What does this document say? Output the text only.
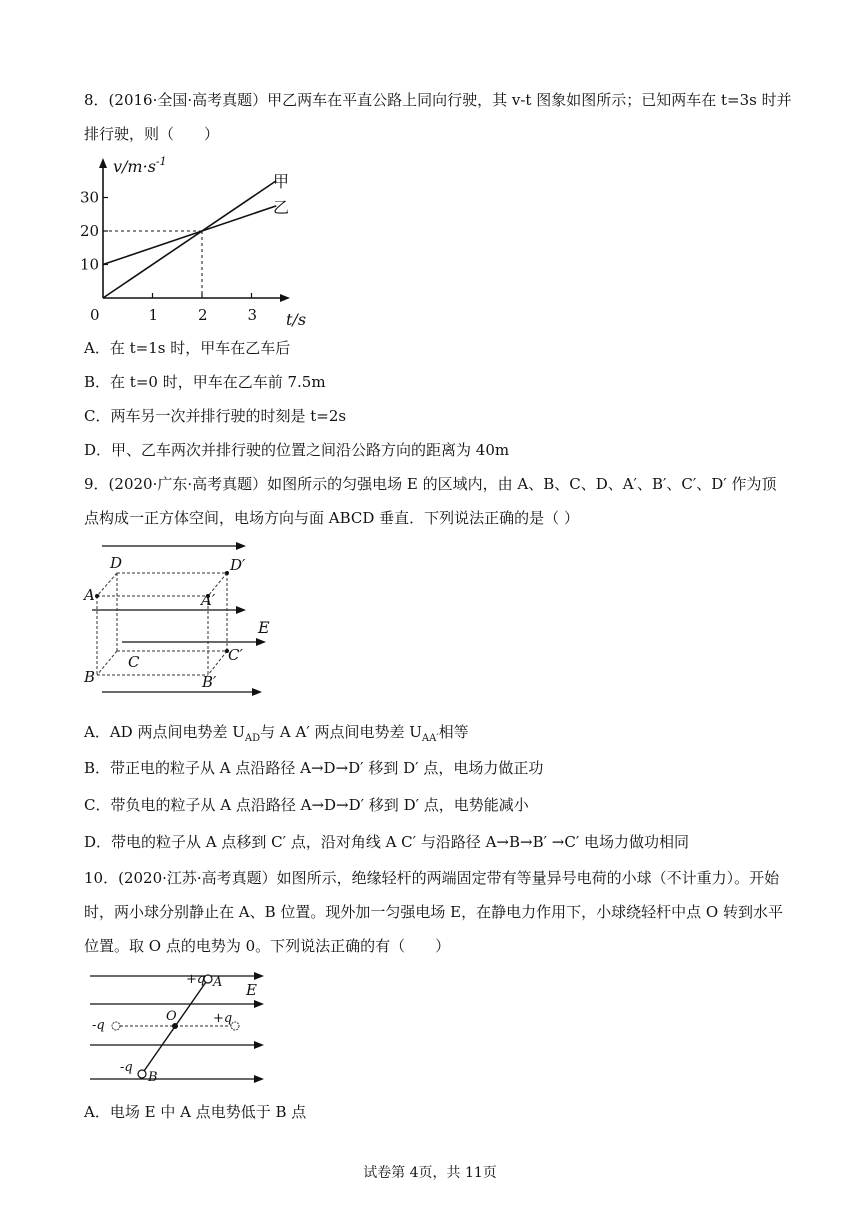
8．(2016·全国·高考真题）甲乙两车在平直公路上同向行驶，其 v-t 图象如图所示；已知两车在 t=3s 时并
排行驶，则（　　）
$v/m\cdot s^{-1}$
t/s
0	1	2	3
10
20
30
甲
乙
A．在 t=1s 时，甲车在乙车后
B．在 t=0 时，甲车在乙车前 7.5m
C．两车另一次并排行驶的时刻是 t=2s
D．甲、乙车两次并排行驶的位置之间沿公路方向的距离为 40m
9．(2020·广东·高考真题）如图所示的匀强电场 E 的区域内，由 A、B、C、D、A′、B′、C′、D′ 作为顶
点构成一正方体空间，电场方向与面 ABCD 垂直．下列说法正确的是（ ）
D	D′
A	A′
C	C′
B	B′
E
A．AD 两点间电势差 $U_{AD}$与 A A′ 两点间电势差 $U_{AA'}$相等
B．带正电的粒子从 A 点沿路径 A→D→D′ 移到 D′ 点，电场力做正功
C．带负电的粒子从 A 点沿路径 A→D→D′ 移到 D′ 点，电势能减小
D．带电的粒子从 A 点移到 C′ 点，沿对角线 A C′ 与沿路径 A→B→B′ →C′ 电场力做功相同
10．(2020·江苏·高考真题）如图所示，绝缘轻杆的两端固定带有等量异号电荷的小球（不计重力）。开始
时，两小球分别静止在 A、B 位置。现外加一匀强电场 E，在静电力作用下，小球绕轻杆中点 O 转到水平
位置。取 O 点的电势为 0。下列说法正确的有（　　）
+q A E
-q
O	+q
-q
B
A．电场 E 中 A 点电势低于 B 点
试卷第 4页，共 11页
